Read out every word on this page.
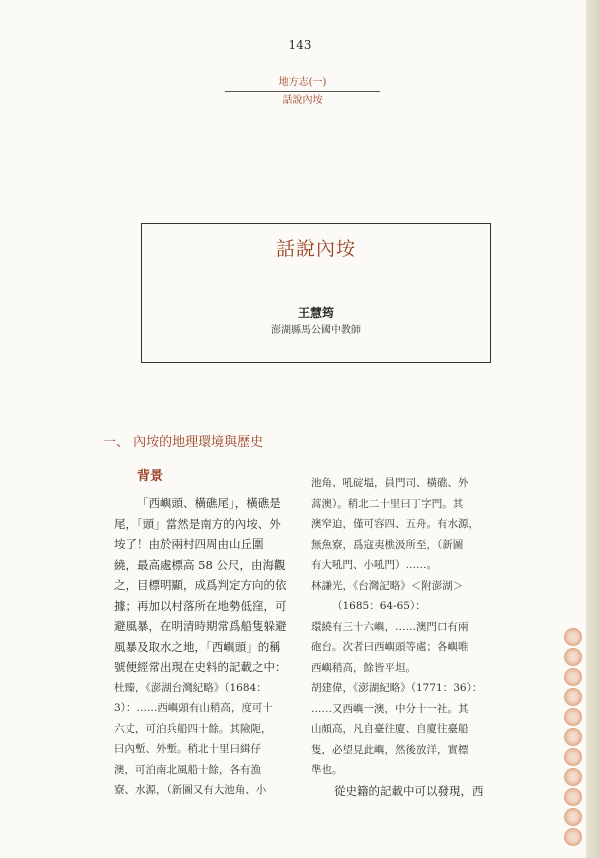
143
地方志(一)
話說內垵
話說內垵
王慧筠
澎湖縣馬公國中教師
一、 內垵的地理環境與歷史
背景
「西嶼頭、橫礁尾」，橫礁是
尾，「頭」當然是南方的內垵、外
垵了！由於兩村四周由山丘圍
繞，最高處標高 58 公尺，由海觀
之，目標明顯，成爲判定方向的依
據；再加以村落所在地勢低窪，可
避風暴，在明清時期常爲船隻躲避
風暴及取水之地，「西嶼頭」的稱
號便經常出現在史料的記載之中：
杜臻，《澎湖台灣紀略》（1684：
3）：……西嶼頭有山稍高，度可十
六丈，可泊兵船四十餘。其險阨，
曰內塹、外塹。稍北十里曰緝仔
澳，可泊南北風船十餘，各有漁
寮、水源，（新圖又有大池角、小
池角、吼碇塭，員門司、橫礁、外
蒿澳）。稍北二十里曰丁字門。其
澳窄迫，僅可容四、五舟。有水源，
無魚寮，爲寇夷樵汲所至，（新圖
有大吼門、小吼門）……。
林謙光，《台灣記略》＜附澎湖＞
（1685：64-65）：
環繞有三十六嶼，……澳門口有兩
砲台。次者曰西嶼頭等處；各嶼唯
西嶼稍高，餘皆平坦。
胡建偉，《澎湖紀略》（1771：36）：
……又西嶼一澳，中分十一社。其
山頗高，凡自臺往廈、自廈往臺船
隻，必望見此嶼，然後放洋，實標
準也。
從史籍的記載中可以發現，西
